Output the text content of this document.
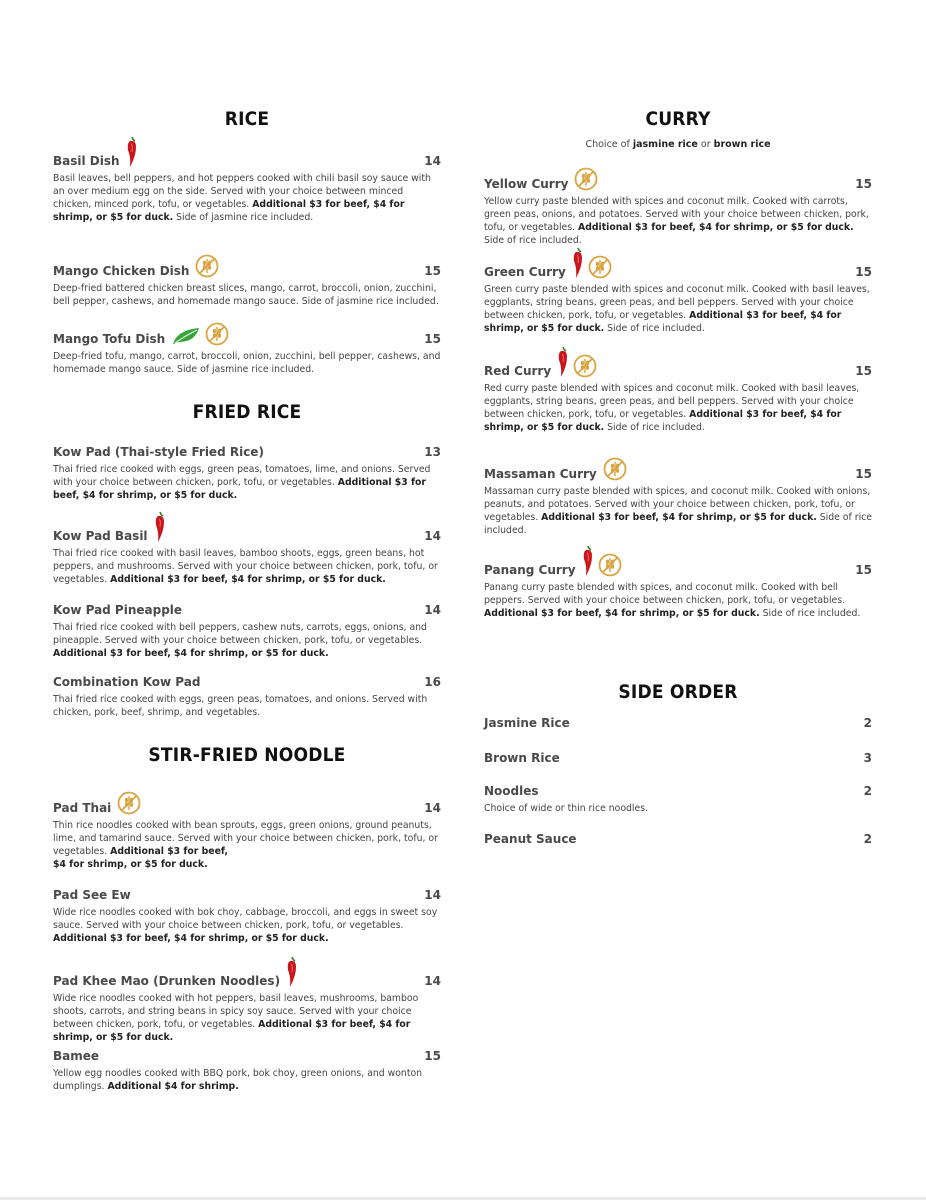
RICE
FRIED RICE
STIR-FRIED NOODLE
CURRY
SIDE ORDER
Choice of jasmine rice or brown rice
Basil Dish	14
Basil leaves, bell peppers, and hot peppers cooked with chili basil soy sauce with an over medium egg on the side. Served with your choice between minced chicken, minced pork, tofu, or vegetables. Additional $3 for beef, $4 for shrimp, or $5 for duck. Side of jasmine rice included.
Mango Chicken Dish	15
Deep-fried battered chicken breast slices, mango, carrot, broccoli, onion, zucchini, bell pepper, cashews, and homemade mango sauce. Side of jasmine rice included.
Mango Tofu Dish	15
Deep-fried tofu, mango, carrot, broccoli, onion, zucchini, bell pepper, cashews, and homemade mango sauce. Side of jasmine rice included.
Kow Pad (Thai-style Fried Rice)	13
Thai fried rice cooked with eggs, green peas, tomatoes, lime, and onions. Served with your choice between chicken, pork, tofu, or vegetables. Additional $3 for beef, $4 for shrimp, or $5 for duck.
Kow Pad Basil	14
Thai fried rice cooked with basil leaves, bamboo shoots, eggs, green beans, hot peppers, and mushrooms. Served with your choice between chicken, pork, tofu, or vegetables. Additional $3 for beef, $4 for shrimp, or $5 for duck.
Kow Pad Pineapple	14
Thai fried rice cooked with bell peppers, cashew nuts, carrots, eggs, onions, and pineapple. Served with your choice between chicken, pork, tofu, or vegetables. Additional $3 for beef, $4 for shrimp, or $5 for duck.
Combination Kow Pad	16
Thai fried rice cooked with eggs, green peas, tomatoes, and onions. Served with chicken, pork, beef, shrimp, and vegetables.
Pad Thai	14
Thin rice noodles cooked with bean sprouts, eggs, green onions, ground peanuts, lime, and tamarind sauce. Served with your choice between chicken, pork, tofu, or vegetables. Additional $3 for beef,
$4 for shrimp, or $5 for duck.
Pad See Ew	14
Wide rice noodles cooked with bok choy, cabbage, broccoli, and eggs in sweet soy sauce. Served with your choice between chicken, pork, tofu, or vegetables. Additional $3 for beef, $4 for shrimp, or $5 for duck.
Pad Khee Mao (Drunken Noodles)	14
Wide rice noodles cooked with hot peppers, basil leaves, mushrooms, bamboo shoots, carrots, and string beans in spicy soy sauce. Served with your choice between chicken, pork, tofu, or vegetables. Additional $3 for beef, $4 for shrimp, or $5 for duck.
Bamee	15
Yellow egg noodles cooked with BBQ pork, bok choy, green onions, and wonton dumplings. Additional $4 for shrimp.
Yellow Curry	15
Yellow curry paste blended with spices and coconut milk. Cooked with carrots, green peas, onions, and potatoes. Served with your choice between chicken, pork, tofu, or vegetables. Additional $3 for beef, $4 for shrimp, or $5 for duck. Side of rice included.
Green Curry	15
Green curry paste blended with spices and coconut milk. Cooked with basil leaves, eggplants, string beans, green peas, and bell peppers. Served with your choice between chicken, pork, tofu, or vegetables. Additional $3 for beef, $4 for shrimp, or $5 for duck. Side of rice included.
Red Curry	15
Red curry paste blended with spices and coconut milk. Cooked with basil leaves, eggplants, string beans, green peas, and bell peppers. Served with your choice between chicken, pork, tofu, or vegetables. Additional $3 for beef, $4 for shrimp, or $5 for duck. Side of rice included.
Massaman Curry	15
Massaman curry paste blended with spices, and coconut milk. Cooked with onions, peanuts, and potatoes. Served with your choice between chicken, pork, tofu, or vegetables. Additional $3 for beef, $4 for shrimp, or $5 for duck. Side of rice included.
Panang Curry	15
Panang curry paste blended with spices, and coconut milk. Cooked with bell peppers. Served with your choice between chicken, pork, tofu, or vegetables. Additional $3 for beef, $4 for shrimp, or $5 for duck. Side of rice included.
Jasmine Rice	2
Brown Rice	3
Noodles	2
Choice of wide or thin rice noodles.
Peanut Sauce	2
